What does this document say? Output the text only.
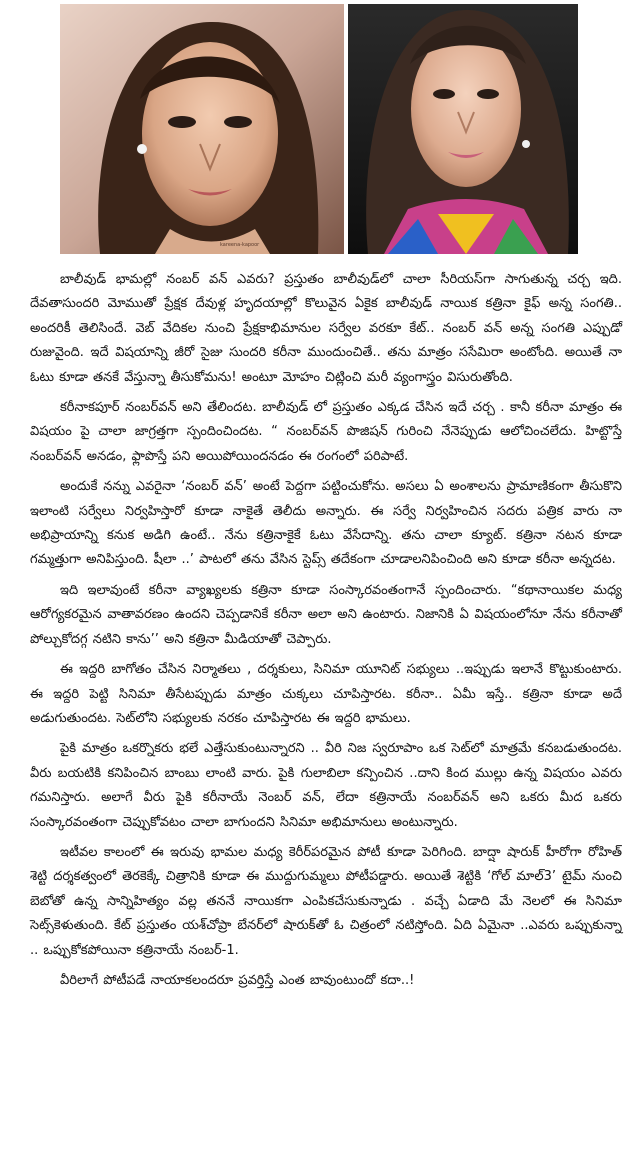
kareena-kapoor

బాలీవుడ్ భామల్లో నంబర్ వన్ ఎవరు? ప్రస్తుతం బాలీవుడ్‌లో చాలా సీరియస్‌గా సాగుతున్న చర్చ ఇది. దేవతాసుందరి మోముతో ప్రేక్షక దేవుళ్ల హృదయాల్లో కొలువైన ఏకైక బాలీవుడ్ నాయిక కత్రినా కైఫ్ అన్న సంగతి.. అందరికీ తెలిసిందే. వెబ్ వేదికల నుంచి ప్రేక్షకాభిమానుల సర్వేల వరకూ కేట్.. నంబర్ వన్ అన్న సంగతి ఎప్పుడో రుజువైంది. ఇదే విషయాన్ని జీరో సైజు సుందరి కరీనా ముందుంచితే.. తను మాత్రం ససేమిరా అంటోంది. అయితే నా ఓటు కూడా తనకే వేస్తున్నా తీసుకోమను! అంటూ మోహం చిట్లించి మరీ వ్యంగాస్త్రం విసురుతోంది.

కరీనాకపూర్ నంబర్‌వన్ అని తేలిందట. బాలీవుడ్ లో ప్రస్తుతం ఎక్కడ చేసిన ఇదే చర్చ . కానీ కరీనా మాత్రం ఈ విషయం పై చాలా జాగ్రత్తగా స్పందించిందట. “ నంబర్‌వన్ పొజిషన్ గురించి నేనెప్పుడు ఆలోచించలేదు. హిట్టొస్తే నంబర్‌వన్ అనడం, ఫ్లాపొస్తే పని అయిపోయిందనడం ఈ రంగంలో పరిపాటే.

అందుకే నన్ను ఎవరైనా ‘నంబర్ వన్’ అంటే పెద్దగా పట్టించుకోను. అసలు ఏ అంశాలను ప్రామాణికంగా తీసుకొని ఇలాంటి సర్వేలు నిర్వహిస్తారో కూడా నాకైతే తెలీదు అన్నారు. ఈ సర్వే నిర్వహించిన సదరు పత్రిక వారు నా అభిప్రాయాన్ని కనుక అడిగి ఉంటే.. నేను కత్రినాకైకే ఓటు వేసేదాన్ని. తను చాలా క్యూట్. కత్రినా నటన కూడా గమ్మత్తుగా అనిపిస్తుంది. షీలా ..’ పాటలో తను వేసిన స్టెప్స్ తదేకంగా చూడాలనిపించింది అని కూడా కరీనా అన్నదట.

ఇది ఇలావుంటే కరీనా వ్యాఖ్యలకు కత్రినా కూడా సంస్కారవంతంగానే స్పందించారు. “కథానాయికల మధ్య ఆరోగ్యకరమైన వాతావరణం ఉందని చెప్పడానికే కరీనా అలా అని ఉంటారు. నిజానికి ఏ విషయంలోనూ నేను కరీనాతో పోల్చుకోదగ్గ నటిని కాను’’ అని కత్రినా మీడియాతో చెప్పారు.

ఈ ఇద్దరి బాగోతం చేసిన నిర్మాతలు , దర్శకులు, సినిమా యూనిట్ సభ్యులు ..ఇప్పుడు ఇలానే కొట్టుకుంటారు. ఈ ఇద్దరి పెట్టి సినిమా తీసేటప్పుడు మాత్రం చుక్కలు చూపిస్తారట. కరీనా.. ఏమీ ఇస్తే.. కత్రినా కూడా అదే అడుగుతుందట. సెట్‌లోని సభ్యులకు నరకం చూపిస్తారట ఈ ఇద్దరి భామలు.

పైకి మాత్రం ఒకర్నొకరు భలే ఎత్తేసుకుంటున్నారని .. వీరి నిజ స్వరూపాం ఒక సెట్‌లో మాత్రమే కనబడుతుందట. వీరు బయటికి కనిపించిన బాంబు లాంటి వారు. పైకి గులాబిలా కన్పించిన ..దాని కింద ముల్లు ఉన్న విషయం ఎవరు గమనిస్తారు. అలాగే వీరు పైకి కరీనాయే నెంబర్ వన్, లేదా కత్రినాయే నంబర్‌వన్ అని ఒకరు మీద ఒకరు సంస్కారవంతంగా చెప్పుకోవటం చాలా బాగుందని సినిమా అభిమానులు అంటున్నారు.

ఇటీవల కాలంలో ఈ ఇరువు భామల మధ్య కెరీర్‌పరమైన పోటీ కూడా పెరిగింది. బాద్షా షారుక్ హీరోగా రోహిత్ శెట్టి దర్శకత్వంలో తెరకెక్కే చిత్రానికి కూడా ఈ ముద్దుగుమ్మలు పోటీపడ్డారు. అయితే శెట్టికి ‘గోల్ మాల్3’ టైమ్ నుంచి బెబోతో ఉన్న సాన్నిహిత్యం వల్ల తననే నాయికగా ఎంపికచేసుకున్నాడు . వచ్చే ఏడాది మే నెలలో ఈ సినిమా సెట్స్‌కెళుతుంది. కేట్ ప్రస్తుతం యశ్‌చోప్రా బేనర్‌లో షారుక్‌తో ఓ చిత్రంలో నటిస్తోంది. ఏది ఏమైనా ..ఎవరు ఒప్పుకున్నా .. ఒప్పుకోకపోయినా కత్రినాయే నంబర్-1.

వీరిలాగే పోటీపడే నాయాకలందరూ ప్రవర్తిస్తే ఎంత బావుంటుందో కదా..!
